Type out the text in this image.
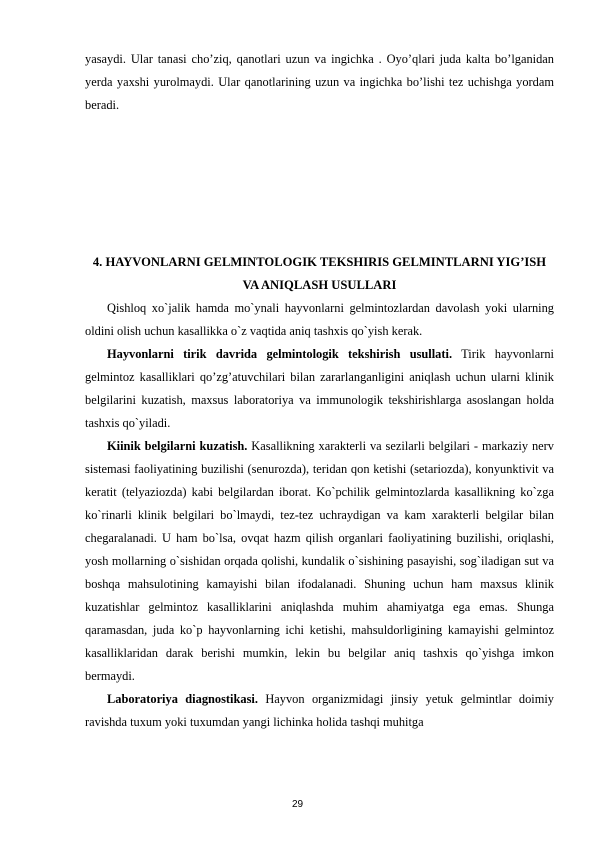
yasaydi. Ular tanasi cho’ziq, qanotlari uzun va ingichka . Oyo’qlari juda kalta bo’lganidan yerda yaxshi yurolmaydi. Ular qanotlarining uzun va ingichka bo’lishi tez uchishga yordam beradi.

4. HAYVONLARNI GELMINTOLOGIK TEKSHIRIS GELMINTLARNI YIG’ISH VA ANIQLASH USULLARI

Qishloq xo`jalik hamda mo`ynali hayvonlarni gelmintozlardan davolash yoki ularning oldini olish uchun kasallikka o`z vaqtida aniq tashxis qo`yish kerak.

Hayvonlarni tirik davrida gelmintologik tekshirish usullati. Tirik hayvonlarni gelmintoz kasalliklari qo’zg’atuvchilari bilan zararlanganligini aniqlash uchun ularni klinik belgilarini kuzatish, maxsus laboratoriya va immunologik tekshirishlarga asoslangan holda tashxis qo`yiladi.

Kiinik belgilarni kuzatish. Kasallikning xarakterli va sezilarli belgilari - markaziy nerv sistemasi faoliyatining buzilishi (senurozda), teridan qon ketishi (setariozda), konyunktivit va keratit (telyaziozda) kabi belgilardan iborat. Ko`pchilik gelmintozlarda kasallikning ko`zga ko`rinarli klinik belgilari bo`lmaydi, tez-tez uchraydigan va kam xarakterli belgilar bilan chegaralanadi. U ham bo`lsa, ovqat hazm qilish organlari faoliyatining buzilishi, oriqlashi, yosh mollarning o`sishidan orqada qolishi, kundalik o`sishining pasayishi, sog`iladigan sut va boshqa mahsulotining kamayishi bilan ifodalanadi. Shuning uchun ham maxsus klinik kuzatishlar gelmintoz kasalliklarini aniqlashda muhim ahamiyatga ega emas. Shunga qaramasdan, juda ko`p hayvonlarning ichi ketishi, mahsuldorligining kamayishi gelmintoz kasalliklaridan darak berishi mumkin, lekin bu belgilar aniq tashxis qo`yishga imkon bermaydi.

Laboratoriya diagnostikasi. Hayvon organizmidagi jinsiy yetuk gelmintlar doimiy ravishda tuxum yoki tuxumdan yangi lichinka holida tashqi muhitga

29
